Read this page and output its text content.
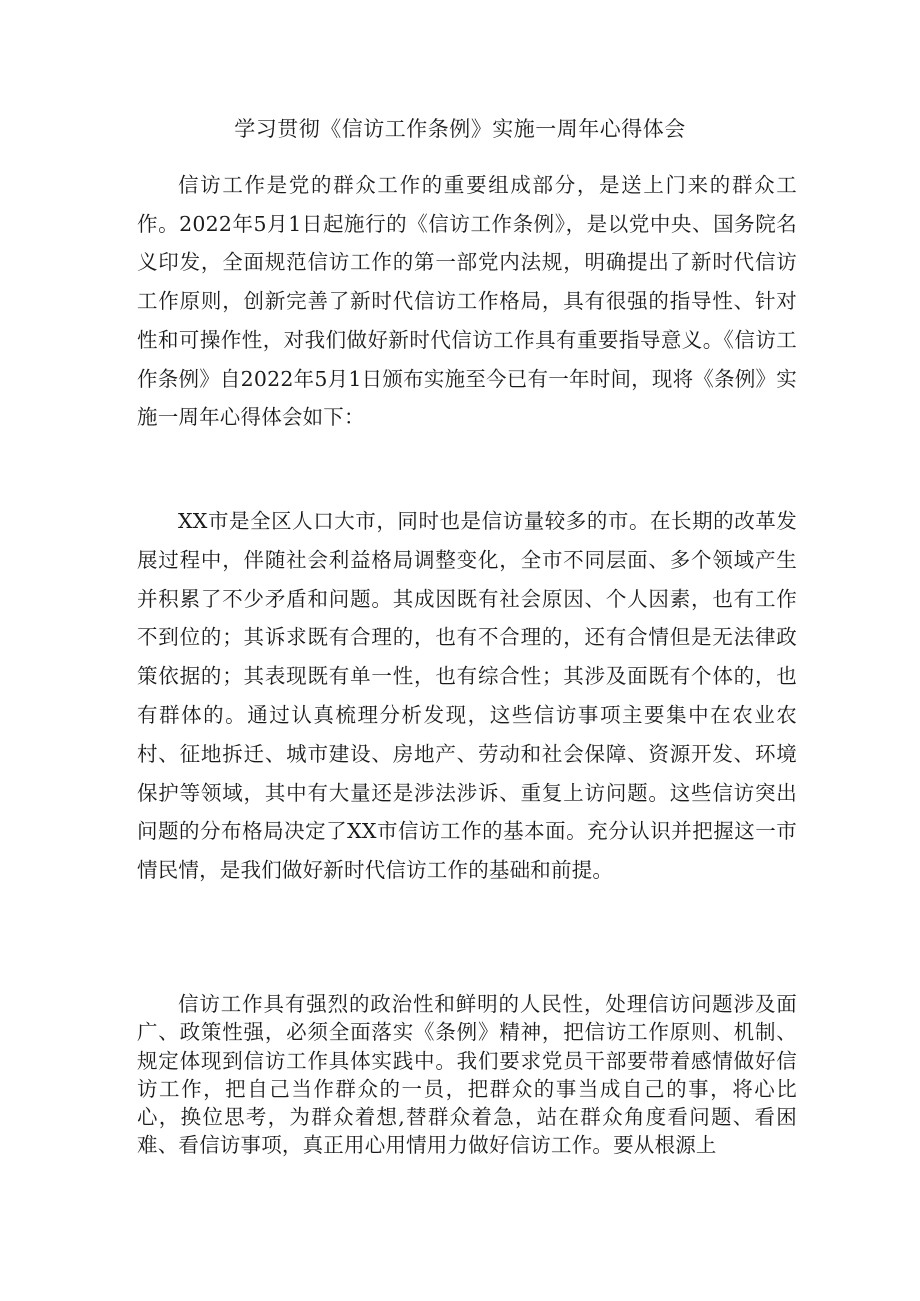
学习贯彻《信访工作条例》实施一周年心得体会

信访工作是党的群众工作的重要组成部分，是送上门来的群众工作。2022年5月1日起施行的《信访工作条例》，是以党中央、国务院名义印发，全面规范信访工作的第一部党内法规，明确提出了新时代信访工作原则，创新完善了新时代信访工作格局，具有很强的指导性、针对性和可操作性，对我们做好新时代信访工作具有重要指导意义。《信访工作条例》自2022年5月1日颁布实施至今已有一年时间，现将《条例》实施一周年心得体会如下：

XX市是全区人口大市，同时也是信访量较多的市。在长期的改革发展过程中，伴随社会利益格局调整变化，全市不同层面、多个领域产生并积累了不少矛盾和问题。其成因既有社会原因、个人因素，也有工作不到位的；其诉求既有合理的，也有不合理的，还有合情但是无法律政策依据的；其表现既有单一性，也有综合性；其涉及面既有个体的，也有群体的。通过认真梳理分析发现，这些信访事项主要集中在农业农村、征地拆迁、城市建设、房地产、劳动和社会保障、资源开发、环境保护等领域，其中有大量还是涉法涉诉、重复上访问题。这些信访突出问题的分布格局决定了XX市信访工作的基本面。充分认识并把握这一市情民情，是我们做好新时代信访工作的基础和前提。

信访工作具有强烈的政治性和鲜明的人民性，处理信访问题涉及面广、政策性强，必须全面落实《条例》精神，把信访工作原则、机制、规定体现到信访工作具体实践中。我们要求党员干部要带着感情做好信访工作，把自己当作群众的一员，把群众的事当成自己的事，将心比心，换位思考，为群众着想,替群众着急，站在群众角度看问题、看困难、看信访事项，真正用心用情用力做好信访工作。要从根源上
